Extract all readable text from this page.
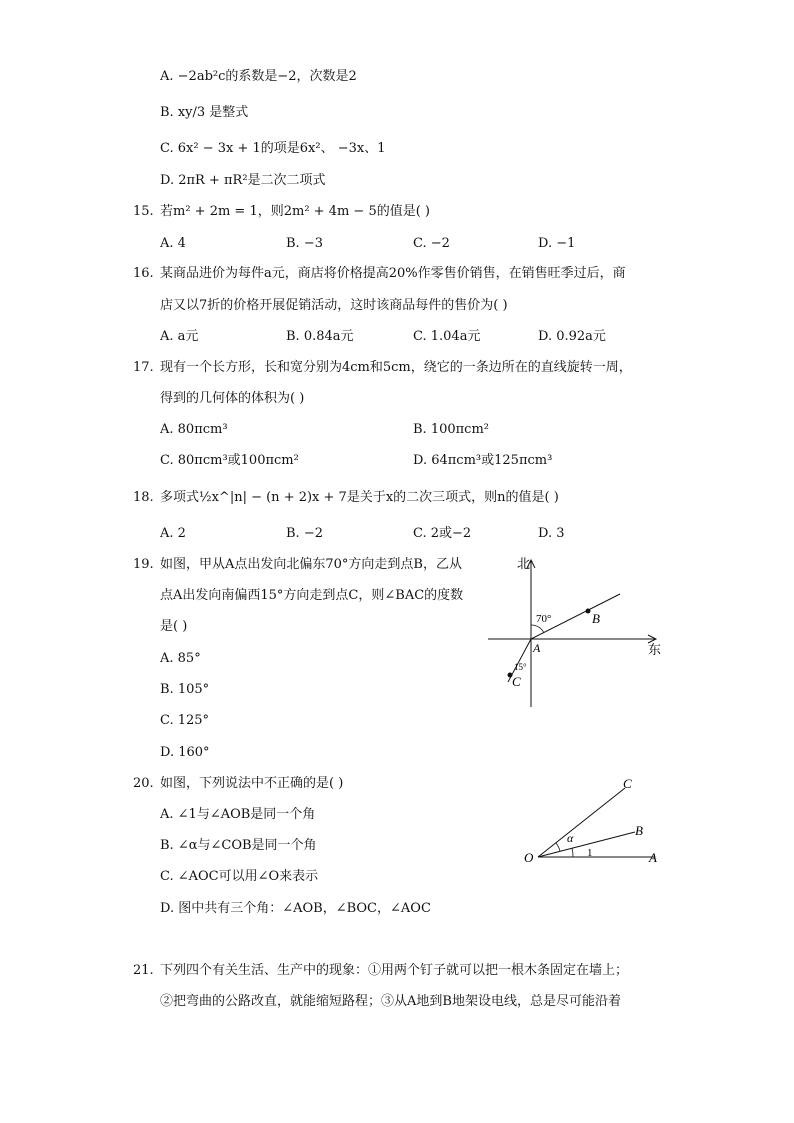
A. −2ab²c的系数是−2，次数是2
B. xy/3 是整式
C. 6x² − 3x + 1的项是6x²、 −3x、1
D. 2πR + πR²是二次二项式
15. 若m² + 2m = 1，则2m² + 4m − 5的值是( )
A. 4	B. −3	C. −2	D. −1
16. 某商品进价为每件a元，商店将价格提高20%作零售价销售，在销售旺季过后，商
店又以7折的价格开展促销活动，这时该商品每件的售价为( )
A. a元	B. 0.84a元	C. 1.04a元	D. 0.92a元
17. 现有一个长方形，长和宽分别为4cm和5cm，绕它的一条边所在的直线旋转一周，
得到的几何体的体积为( )
A. 80πcm³	B. 100πcm²
C. 80πcm³或100πcm²	D. 64πcm³或125πcm³
18. 多项式½x^|n| − (n + 2)x + 7是关于x的二次三项式，则n的值是( )
A. 2	B. −2	C. 2或−2	D. 3
19. 如图，甲从A点出发向北偏东70°方向走到点B，乙从
点A出发向南偏西15°方向走到点C，则∠BAC的度数
是( )
A. 85°
B. 105°
C. 125°
D. 160°
北
东
70°
15°
A
B
C
20. 如图，下列说法中不正确的是( )
A. ∠1与∠AOB是同一个角
B. ∠α与∠COB是同一个角
C. ∠AOC可以用∠O来表示
D. 图中共有三个角：∠AOB，∠BOC，∠AOC
O	A
B
C
α
1
21. 下列四个有关生活、生产中的现象：①用两个钉子就可以把一根木条固定在墙上；
②把弯曲的公路改直，就能缩短路程；③从A地到B地架设电线，总是尽可能沿着
